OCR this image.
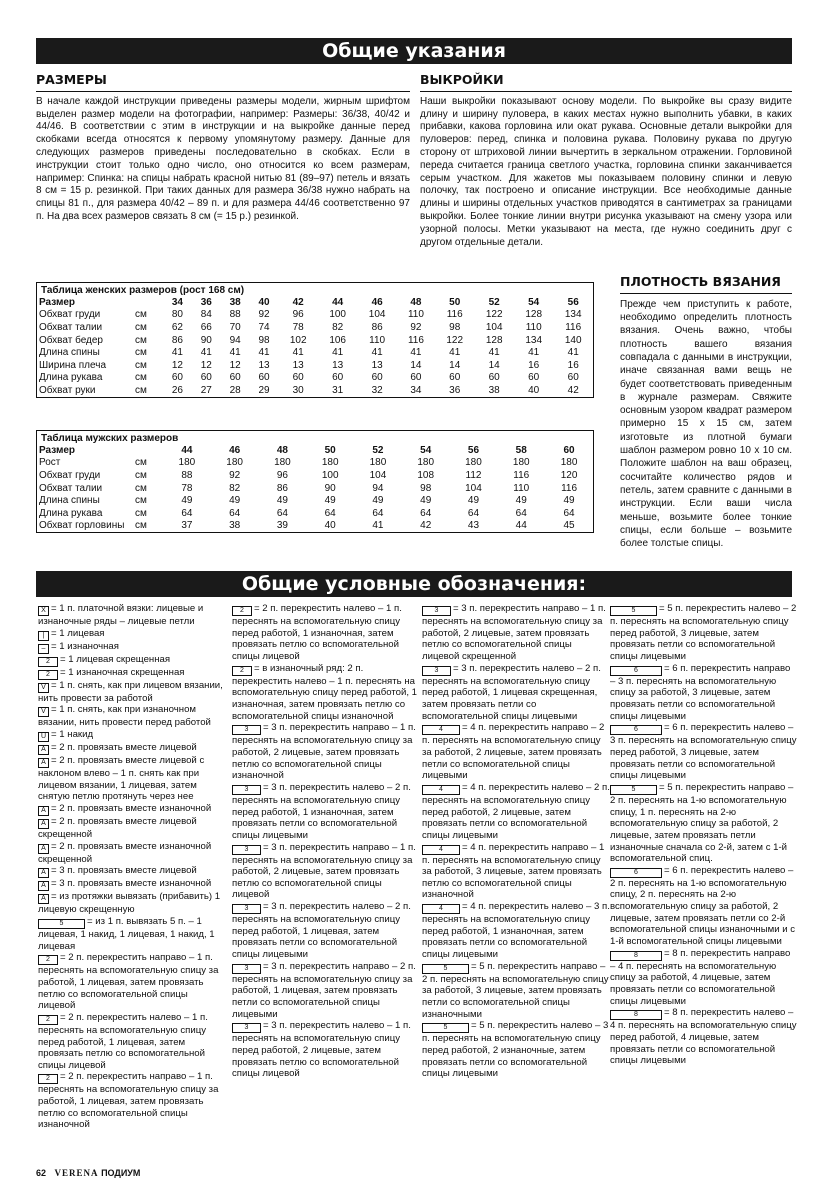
Общие указания
РАЗМЕРЫ
В начале каждой инструкции приведены размеры модели, жирным шрифтом выделен размер модели на фотографии, например: Размеры: 36/38, 40/42 и 44/46. В соответствии с этим в инструкции и на выкройке данные перед скобками всегда относятся к первому упомянутому размеру. Данные для следующих размеров приведены последовательно в скобках. Если в инструкции стоит только одно число, оно относится ко всем размерам, например: Спинка: на спицы набрать красной нитью 81 (89–97) петель и вязать 8 см = 15 р. резинкой. При таких данных для размера 36/38 нужно набрать на спицы 81 п., для размера 40/42 – 89 п. и для размера 44/46 соответственно 97 п. На два всех размеров связать 8 см (= 15 р.) резинкой.
ВЫКРОЙКИ
Наши выкройки показывают основу модели. По выкройке вы сразу видите длину и ширину пуловера, в каких местах нужно выполнить убавки, в каких прибавки, какова горловина или окат рукава. Основные детали выкройки для пуловеров: перед, спинка и половина рукава. Половину рукава по другую сторону от штриховой линии вычертить в зеркальном отражении. Горловиной переда считается граница светлого участка, горловина спинки заканчивается серым участком. Для жакетов мы показываем половину спинки и левую полочку, так построено и описание инструкции. Все необходимые данные длины и ширины отдельных участков приводятся в сантиметрах за границами выкройки. Более тонкие линии внутри рисунка указывают на смену узора или узорной полосы. Метки указывают на места, где нужно соединить друг с другом отдельные детали.
ПЛОТНОСТЬ ВЯЗАНИЯ
Прежде чем приступить к работе, необходимо определить плотность вязания. Очень важно, чтобы плотность вашего вязания совпадала с данными в инструкции, иначе связанная вами вещь не будет соответствовать приведенным в журнале размерам. Свяжите основным узором квадрат размером примерно 15 х 15 см, затем изготовьте из плотной бумаги шаблон размером ровно 10 х 10 см. Положите шаблон на ваш образец, сосчитайте количество рядов и петель, затем сравните с данными в инструкции. Если ваши числа меньше, возьмите более тонкие спицы, если больше – возьмите более толстые спицы.
Таблица женских размеров (рост 168 см)
Размер		34	36	38	40	42	44	46	48	50	52	54	56
Обхват груди	см	80	84	88	92	96	100	104	110	116	122	128	134
Обхват талии	см	62	66	70	74	78	82	86	92	98	104	110	116
Обхват бедер	см	86	90	94	98	102	106	110	116	122	128	134	140
Длина спины	см	41	41	41	41	41	41	41	41	41	41	41	41
Ширина плеча	см	12	12	12	13	13	13	13	14	14	14	16	16
Длина рукава	см	60	60	60	60	60	60	60	60	60	60	60	60
Обхват руки	см	26	27	28	29	30	31	32	34	36	38	40	42
Таблица мужских размеров
Размер		44	46	48	50	52	54	56	58	60
Рост	см	180	180	180	180	180	180	180	180	180
Обхват груди	см	88	92	96	100	104	108	112	116	120
Обхват талии	см	78	82	86	90	94	98	104	110	116
Длина спины	см	49	49	49	49	49	49	49	49	49
Длина рукава	см	64	64	64	64	64	64	64	64	64
Обхват горловины	см	37	38	39	40	41	42	43	44	45
Общие условные обозначения:
X = 1 п. платочной вязки: лицевые и изнаночные ряды – лицевые петли
| = 1 лицевая
– = 1 изнаночная
2 = 1 лицевая скрещенная
2 = 1 изнаночная скрещенная
V = 1 п. снять, как при лицевом вязании, нить провести за работой
V = 1 п. снять, как при изнаночном вязании, нить провести перед работой
U = 1 накид
A = 2 п. провязать вместе лицевой
A = 2 п. провязать вместе лицевой с наклоном влево – 1 п. снять как при лицевом вязании, 1 лицевая, затем снятую петлю протянуть через нее
A = 2 п. провязать вместе изнаночной
A = 2 п. провязать вместе лицевой скрещенной
A = 2 п. провязать вместе изнаночной скрещенной
A = 3 п. провязать вместе лицевой
A = 3 п. провязать вместе изнаночной
A = из протяжки вывязать (прибавить) 1 лицевую скрещенную
5 = из 1 п. вывязать 5 п. – 1 лицевая, 1 накид, 1 лицевая, 1 накид, 1 лицевая
2 = 2 п. перекрестить направо – 1 п. переснять на вспомогательную спицу за работой, 1 лицевая, затем провязать петлю со вспомогательной спицы лицевой
2 = 2 п. перекрестить налево – 1 п. переснять на вспомогательную спицу перед работой, 1 лицевая, затем провязать петлю со вспомогательной спицы лицевой
2 = 2 п. перекрестить направо – 1 п. переснять на вспомогательную спицу за работой, 1 лицевая, затем провязать петлю со вспомогательной спицы изнаночной
2 = 2 п. перекрестить налево – 1 п. переснять на вспомогательную спицу перед работой, 1 изнаночная, затем провязать петлю со вспомогательной спицы лицевой
2 = в изнаночный ряд: 2 п. перекрестить налево – 1 п. переснять на вспомогательную спицу перед работой, 1 изнаночная, затем провязать петлю со вспомогательной спицы изнаночной
3 = 3 п. перекрестить направо – 1 п. переснять на вспомогательную спицу за работой, 2 лицевые, затем провязать петлю со вспомогательной спицы изнаночной
3 = 3 п. перекрестить налево – 2 п. переснять на вспомогательную спицу перед работой, 1 изнаночная, затем провязать петли со вспомогательной спицы лицевыми
3 = 3 п. перекрестить направо – 1 п. переснять на вспомогательную спицу за работой, 2 лицевые, затем провязать петлю со вспомогательной спицы лицевой
3 = 3 п. перекрестить налево – 2 п. переснять на вспомогательную спицу перед работой, 1 лицевая, затем провязать петли со вспомогательной спицы лицевыми
3 = 3 п. перекрестить направо – 2 п. переснять на вспомогательную спицу за работой, 1 лицевая, затем провязать петли со вспомогательной спицы лицевыми
3 = 3 п. перекрестить налево – 1 п. переснять на вспомогательную спицу перед работой, 2 лицевые, затем провязать петлю со вспомогательной спицы лицевой
3 = 3 п. перекрестить направо – 1 п. переснять на вспомогательную спицу за работой, 2 лицевые, затем провязать петлю со вспомогательной спицы лицевой скрещенной
3 = 3 п. перекрестить налево – 2 п. переснять на вспомогательную спицу перед работой, 1 лицевая скрещенная, затем провязать петли со вспомогательной спицы лицевыми
4 = 4 п. перекрестить направо – 2 п. переснять на вспомогательную спицу за работой, 2 лицевые, затем провязать петли со вспомогательной спицы лицевыми
4 = 4 п. перекрестить налево – 2 п. переснять на вспомогательную спицу перед работой, 2 лицевые, затем провязать петли со вспомогательной спицы лицевыми
4 = 4 п. перекрестить направо – 1 п. переснять на вспомогательную спицу за работой, 3 лицевые, затем провязать петлю со вспомогательной спицы изнаночной
4 = 4 п. перекрестить налево – 3 п. переснять на вспомогательную спицу перед работой, 1 изнаночная, затем провязать петли со вспомогательной спицы лицевыми
5 = 5 п. перекрестить направо – 2 п. переснять на вспомогательную спицу за работой, 3 лицевые, затем провязать петли со вспомогательной спицы изнаночными
5 = 5 п. перекрестить налево – 3 п. переснять на вспомогательную спицу перед работой, 2 изнаночные, затем провязать петли со вспомогательной спицы лицевыми
5 = 5 п. перекрестить налево – 2 п. переснять на вспомогательную спицу перед работой, 3 лицевые, затем провязать петли со вспомогательной спицы лицевыми
6	= 6 п. перекрестить направо – 3 п. переснять на вспомогательную спицу за работой, 3 лицевые, затем провязать петли со вспомогательной спицы лицевыми
6	= 6 п. перекрестить налево – 3 п. переснять на вспомогательную спицу перед работой, 3 лицевые, затем провязать петли со вспомогательной спицы лицевыми
5 = 5 п. перекрестить направо – 2 п. переснять на 1-ю вспомогательную спицу, 1 п. переснять на 2-ю вспомогательную спицу за работой, 2 лицевые, затем провязать петли изнаночные сначала со 2-й, затем с 1-й вспомогательной спиц.
6	= 6 п. перекрестить налево – 2 п. переснять на 1-ю вспомогательную спицу, 2 п. переснять на 2-ю вспомогательную спицу за работой, 2 лицевые, затем провязать петли со 2-й вспомогательной спицы изнаночными и с 1-й вспомогательной спицы лицевыми
8	= 8 п. перекрестить направо – 4 п. переснять на вспомогательную спицу за работой, 4 лицевые, затем провязать петли со вспомогательной спицы лицевыми
8	= 8 п. перекрестить налево – 4 п. переснять на вспомогательную спицу перед работой, 4 лицевые, затем провязать петли со вспомогательной спицы лицевыми
62 VERENA ПОДИУМ
